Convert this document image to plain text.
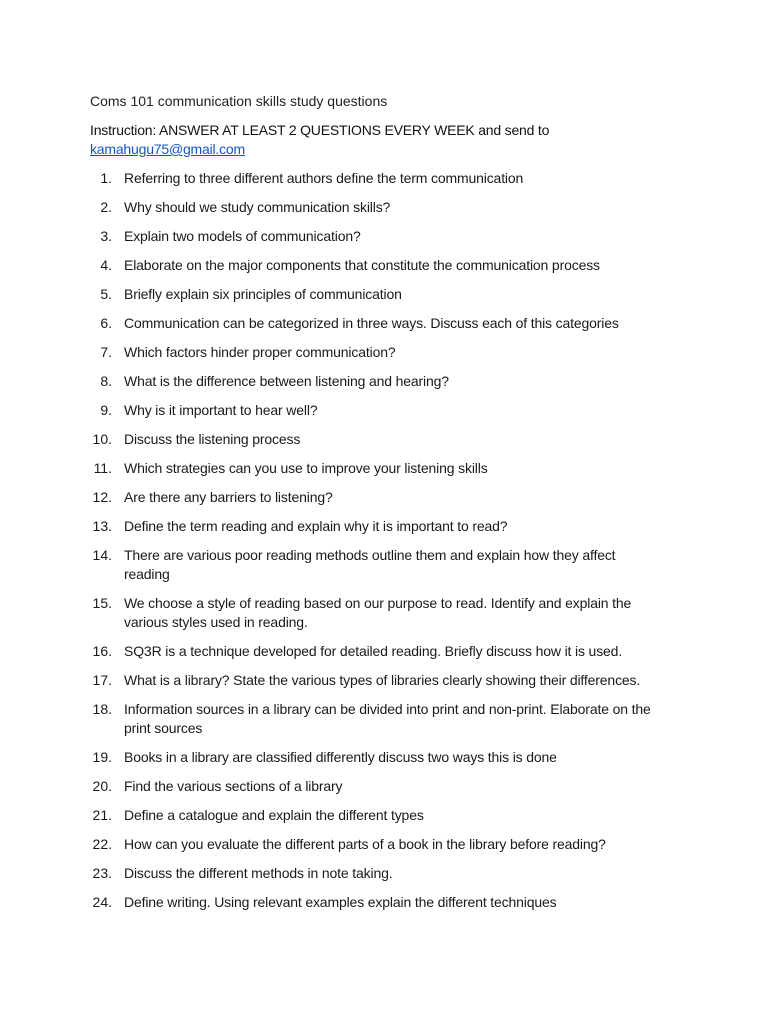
Coms 101 communication skills study questions
Instruction: ANSWER AT LEAST 2 QUESTIONS EVERY WEEK and send to
kamahugu75@gmail.com
1. Referring to three different authors define the term communication
2. Why should we study communication skills?
3. Explain two models of communication?
4. Elaborate on the major components that constitute the communication process
5. Briefly explain six principles of communication
6. Communication can be categorized in three ways. Discuss each of this categories
7. Which factors hinder proper communication?
8. What is the difference between listening and hearing?
9. Why is it important to hear well?
10. Discuss the listening process
11. Which strategies can you use to improve your listening skills
12. Are there any barriers to listening?
13. Define the term reading and explain why it is important to read?
14. There are various poor reading methods outline them and explain how they affect reading
15. We choose a style of reading based on our purpose to read. Identify and explain the various styles used in reading.
16. SQ3R is a technique developed for detailed reading. Briefly discuss how it is used.
17. What is a library? State the various types of libraries clearly showing their differences.
18. Information sources in a library can be divided into print and non-print. Elaborate on the print sources
19. Books in a library are classified differently discuss two ways this is done
20. Find the various sections of a library
21. Define a catalogue and explain the different types
22. How can you evaluate the different parts of a book in the library before reading?
23. Discuss the different methods in note taking.
24. Define writing. Using relevant examples explain the different techniques
